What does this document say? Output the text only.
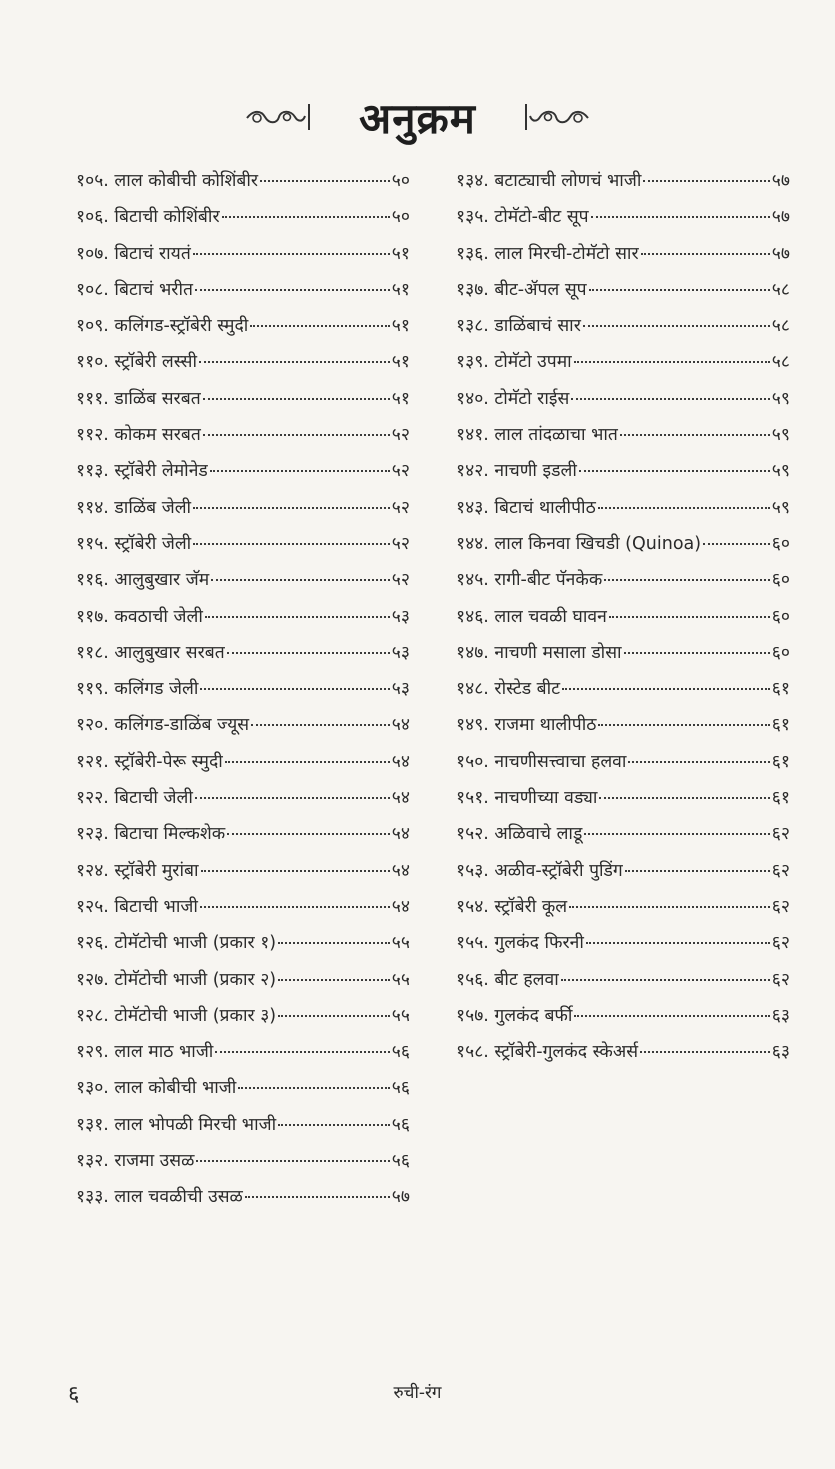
अनुक्रम
१०५. लाल कोबीची कोशिंबीर	५०
१०६. बिटाची कोशिंबीर	५०
१०७. बिटाचं रायतं	५१
१०८. बिटाचं भरीत	५१
१०९. कलिंगड-स्ट्रॉबेरी स्मुदी	५१
११०. स्ट्रॉबेरी लस्सी	५१
१११. डाळिंब सरबत	५१
११२. कोकम सरबत	५२
११३. स्ट्रॉबेरी लेमोनेड	५२
११४. डाळिंब जेली	५२
११५. स्ट्रॉबेरी जेली	५२
११६. आलुबुखार जॅम	५२
११७. कवठाची जेली	५३
११८. आलुबुखार सरबत	५३
११९. कलिंगड जेली	५३
१२०. कलिंगड-डाळिंब ज्यूस	५४
१२१. स्ट्रॉबेरी-पेरू स्मुदी	५४
१२२. बिटाची जेली	५४
१२३. बिटाचा मिल्कशेक	५४
१२४. स्ट्रॉबेरी मुरांबा	५४
१२५. बिटाची भाजी	५४
१२६. टोमॅटोची भाजी (प्रकार १)	५५
१२७. टोमॅटोची भाजी (प्रकार २)	५५
१२८. टोमॅटोची भाजी (प्रकार ३)	५५
१२९. लाल माठ भाजी	५६
१३०. लाल कोबीची भाजी	५६
१३१. लाल भोपळी मिरची भाजी	५६
१३२. राजमा उसळ	५६
१३३. लाल चवळीची उसळ	५७
१३४. बटाट्याची लोणचं भाजी	५७
१३५. टोमॅटो-बीट सूप	५७
१३६. लाल मिरची-टोमॅटो सार	५७
१३७. बीट-ॲपल सूप	५८
१३८. डाळिंबाचं सार	५८
१३९. टोमॅटो उपमा	५८
१४०. टोमॅटो राईस	५९
१४१. लाल तांदळाचा भात	५९
१४२. नाचणी इडली	५९
१४३. बिटाचं थालीपीठ	५९
१४४. लाल किनवा खिचडी (Quinoa)	६०
१४५. रागी-बीट पॅनकेक	६०
१४६. लाल चवळी घावन	६०
१४७. नाचणी मसाला डोसा	६०
१४८. रोस्टेड बीट	६१
१४९. राजमा थालीपीठ	६१
१५०. नाचणीसत्त्वाचा हलवा	६१
१५१. नाचणीच्या वड्या	६१
१५२. अळिवाचे लाडू	६२
१५३. अळीव-स्ट्रॉबेरी पुडिंग	६२
१५४. स्ट्रॉबेरी कूल	६२
१५५. गुलकंद फिरनी	६२
१५६. बीट हलवा	६२
१५७. गुलकंद बर्फी	६३
१५८. स्ट्रॉबेरी-गुलकंद स्केअर्स	६३
६	रुची-रंग
